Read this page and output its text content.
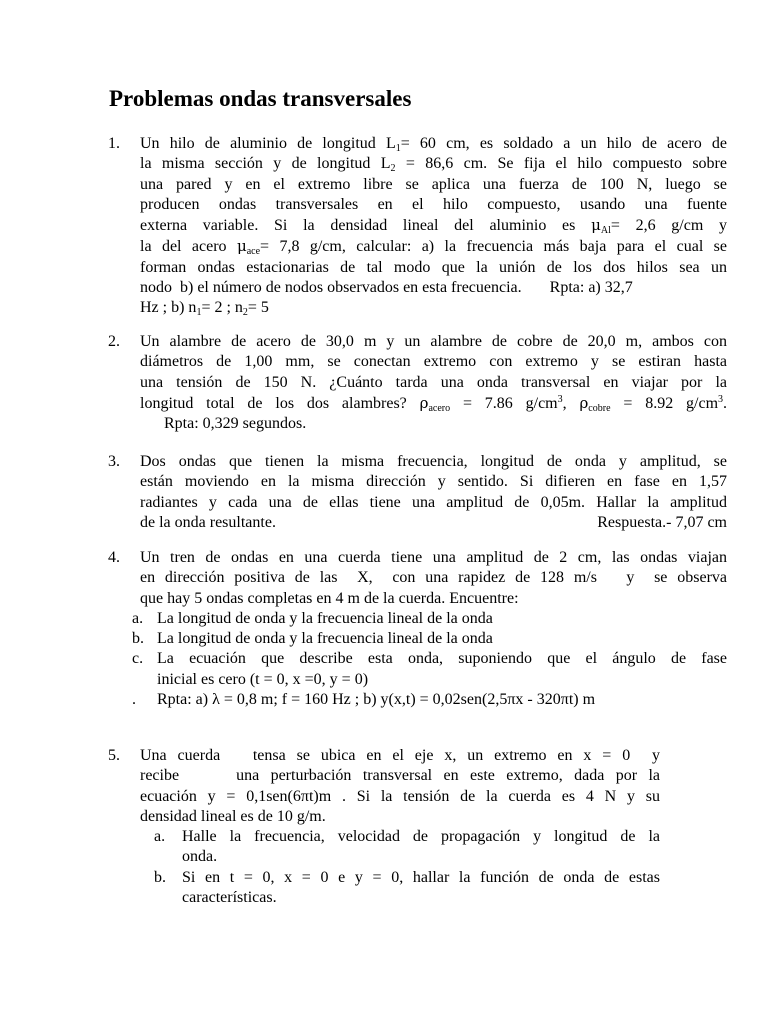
Problemas ondas transversales
1.	Un hilo de aluminio de longitud $L_1= 60$ cm, es soldado a un hilo de acero de
la misma sección y de longitud $L_2 = 86,6$ cm. Se fija el hilo compuesto sobre
una pared y en el extremo libre se aplica una fuerza de 100 N, luego se
producen ondas transversales en el hilo compuesto, usando una fuente
externa variable. Si la densidad lineal del aluminio es $\mu_{Al}= 2,6$ g/cm y
la del acero $\mu_{ace}= 7,8$ g/cm, calcular: a) la frecuencia más baja para el cual se
forman ondas estacionarias de tal modo que la unión de los dos hilos sea un
nodo  b) el número de nodos observados en esta frecuencia.       Rpta: a) 32,7
Hz ; b) $n_1= 2$ ; $n_2= 5$
2.	Un alambre de acero de 30,0 m y un alambre de cobre de 20,0 m, ambos con
diámetros de 1,00 mm, se conectan extremo con extremo y se estiran hasta
una tensión de 150 N. ¿Cuánto tarda una onda transversal en viajar por la
longitud total de los dos alambres? $\rho_{acero} = 7.86$ $g/cm^3$, $\rho_{cobre} = 8.92$ $g/cm^3$.
Rpta: 0,329 segundos.
3.	Dos ondas que tienen la misma frecuencia, longitud de onda y amplitud, se
están moviendo en la misma dirección y sentido. Si difieren en fase en 1,57
radiantes y cada una de ellas tiene una amplitud de 0,05m. Hallar la amplitud
de la onda resultante.	Respuesta.- 7,07 cm
4.	Un tren de ondas en una cuerda tiene una amplitud de 2 cm, las ondas viajan
en dirección positiva de las  X,  con una rapidez de 128 m/s   y  se observa
que hay 5 ondas completas en 4 m de la cuerda. Encuentre:
a. La longitud de onda y la frecuencia lineal de la onda
b. La longitud de onda y la frecuencia lineal de la onda
c. La ecuación que describe esta onda, suponiendo que el ángulo de fase
inicial es cero (t = 0, x =0, y = 0)
. Rpta: a) λ = 0,8 m; f = 160 Hz ; b) y(x,t) = 0,02sen(2,5πx - 320πt) m
5.	Una cuerda   tensa se ubica en el eje x, un extremo en x = 0  y
recibe     una perturbación transversal en este extremo, dada por la
ecuación y = 0,1sen(6πt)m . Si la tensión de la cuerda es 4 N y su
densidad lineal es de 10 g/m.
a. Halle la frecuencia, velocidad de propagación y longitud de la
onda.
b. Si en t = 0, x = 0 e y = 0, hallar la función de onda de estas
características.
